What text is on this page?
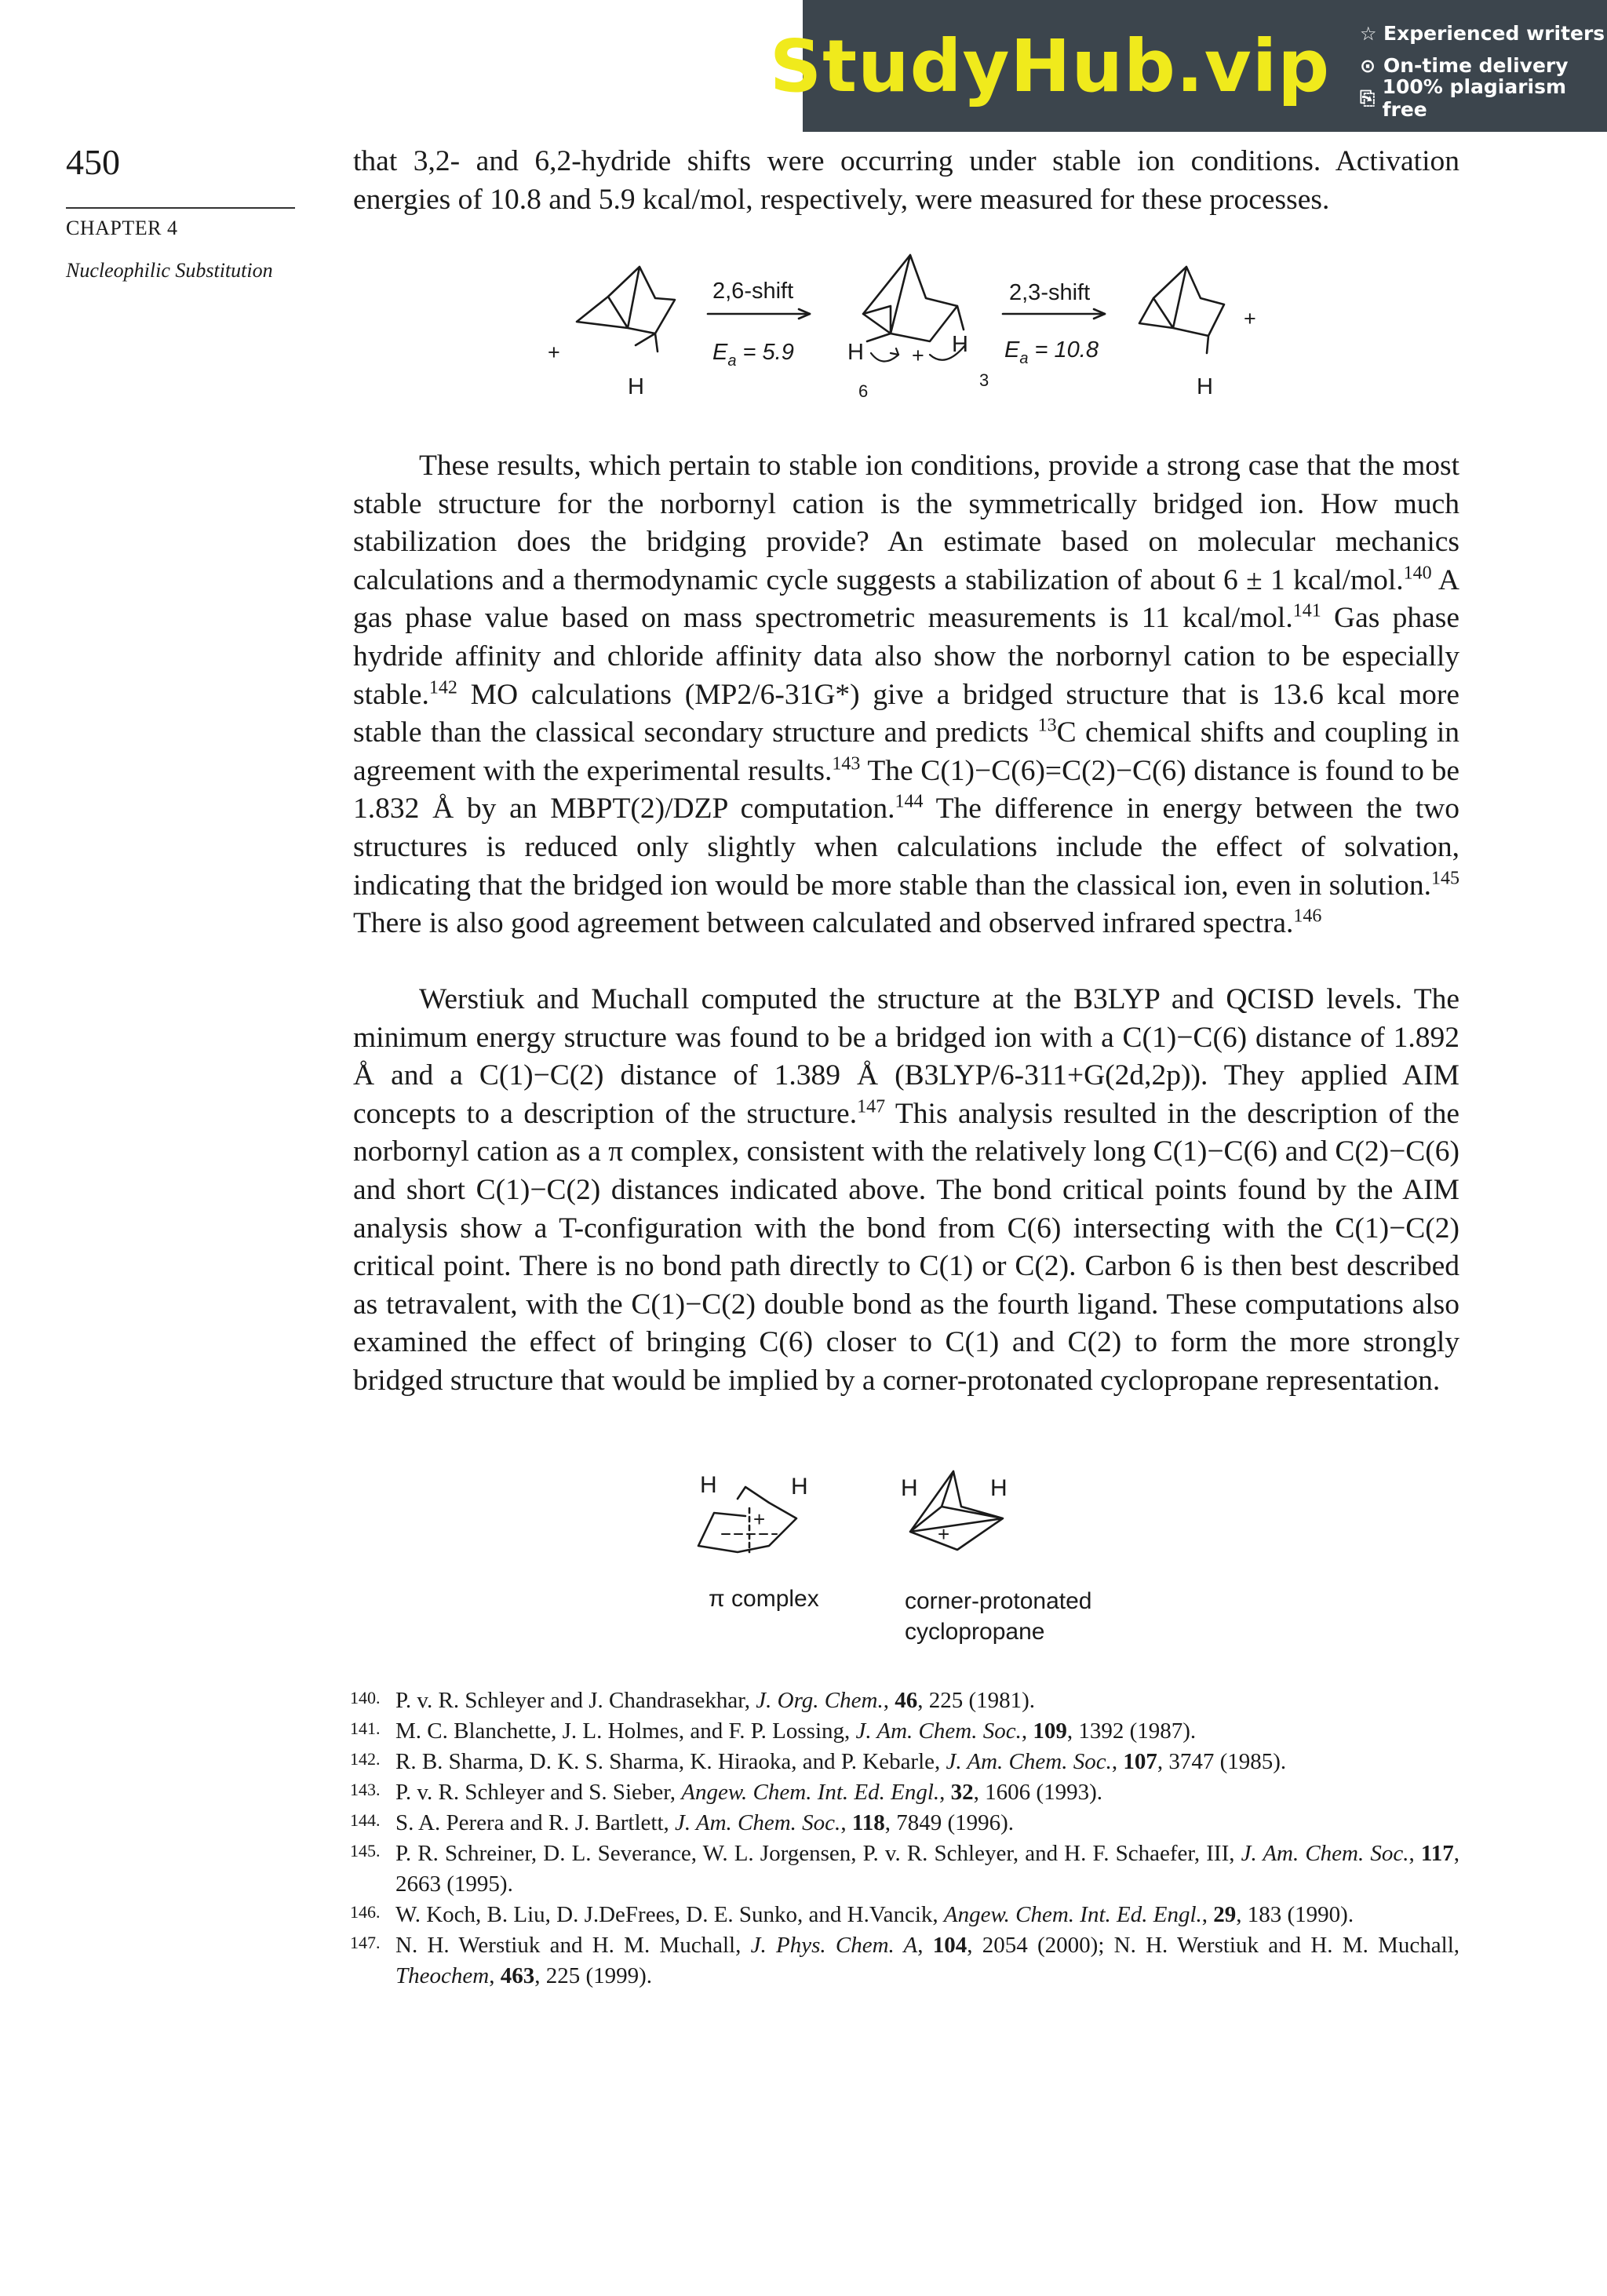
StudyHub.vip ☆ Experienced writers
⊙ On-time delivery
⎘ 100% plagiarism free
450
CHAPTER 4
Nucleophilic Substitution

that 3,2- and 6,2-hydride shifts were occurring under stable ion conditions. Activation energies of 10.8 and 5.9 kcal/mol, respectively, were measured for these processes.

+
H
2,6-shift
$E_a = 5.9$ H + H
6
3
2,3-shift
$E_a = 10.8$
+
H

These results, which pertain to stable ion conditions, provide a strong case that the most stable structure for the norbornyl cation is the symmetrically bridged ion. How much stabilization does the bridging provide? An estimate based on molecular mechanics calculations and a thermodynamic cycle suggests a stabilization of about 6 ± 1 kcal/mol.$^{140}$ A gas phase value based on mass spectrometric measurements is 11 kcal/mol.$^{141}$ Gas phase hydride affinity and chloride affinity data also show the norbornyl cation to be especially stable.$^{142}$ MO calculations (MP2/6-31G*) give a bridged structure that is 13.6 kcal more stable than the classical secondary structure and predicts $^{13}$C chemical shifts and coupling in agreement with the experimental results.$^{143}$ The C(1)−C(6)=C(2)−C(6) distance is found to be 1.832 Å by an MBPT(2)/DZP computation.$^{144}$ The difference in energy between the two structures is reduced only slightly when calculations include the effect of solvation, indicating that the bridged ion would be more stable than the classical ion, even in solution.$^{145}$ There is also good agreement between calculated and observed infrared spectra.$^{146}$

Werstiuk and Muchall computed the structure at the B3LYP and QCISD levels. The minimum energy structure was found to be a bridged ion with a C(1)−C(6) distance of 1.892 Å and a C(1)−C(2) distance of 1.389 Å (B3LYP/6-311+G(2d,2p)). They applied AIM concepts to a description of the structure.$^{147}$ This analysis resulted in the description of the norbornyl cation as a π complex, consistent with the relatively long C(1)−C(6) and C(2)−C(6) and short C(1)−C(2) distances indicated above. The bond critical points found by the AIM analysis show a T-configuration with the bond from C(6) intersecting with the C(1)−C(2) critical point. There is no bond path directly to C(1) or C(2). Carbon 6 is then best described as tetravalent, with the C(1)−C(2) double bond as the fourth ligand. These computations also examined the effect of bringing C(6) closer to C(1) and C(2) to form the more strongly bridged structure that would be implied by a corner-protonated cyclopropane representation.

H	H
+
π complex
H	H
+
corner-protonated
cyclopropane
140. P. v. R. Schleyer and J. Chandrasekhar, J. Org. Chem., 46, 225 (1981).
141. M. C. Blanchette, J. L. Holmes, and F. P. Lossing, J. Am. Chem. Soc., 109, 1392 (1987).
142. R. B. Sharma, D. K. S. Sharma, K. Hiraoka, and P. Kebarle, J. Am. Chem. Soc., 107, 3747 (1985).
143. P. v. R. Schleyer and S. Sieber, Angew. Chem. Int. Ed. Engl., 32, 1606 (1993).
144. S. A. Perera and R. J. Bartlett, J. Am. Chem. Soc., 118, 7849 (1996).
145. P. R. Schreiner, D. L. Severance, W. L. Jorgensen, P. v. R. Schleyer, and H. F. Schaefer, III, J. Am. Chem. Soc., 117, 2663 (1995).
146. W. Koch, B. Liu, D. J.DeFrees, D. E. Sunko, and H.Vancik, Angew. Chem. Int. Ed. Engl., 29, 183 (1990).
147. N. H. Werstiuk and H. M. Muchall, J. Phys. Chem. A, 104, 2054 (2000); N. H. Werstiuk and H. M. Muchall, Theochem, 463, 225 (1999).
